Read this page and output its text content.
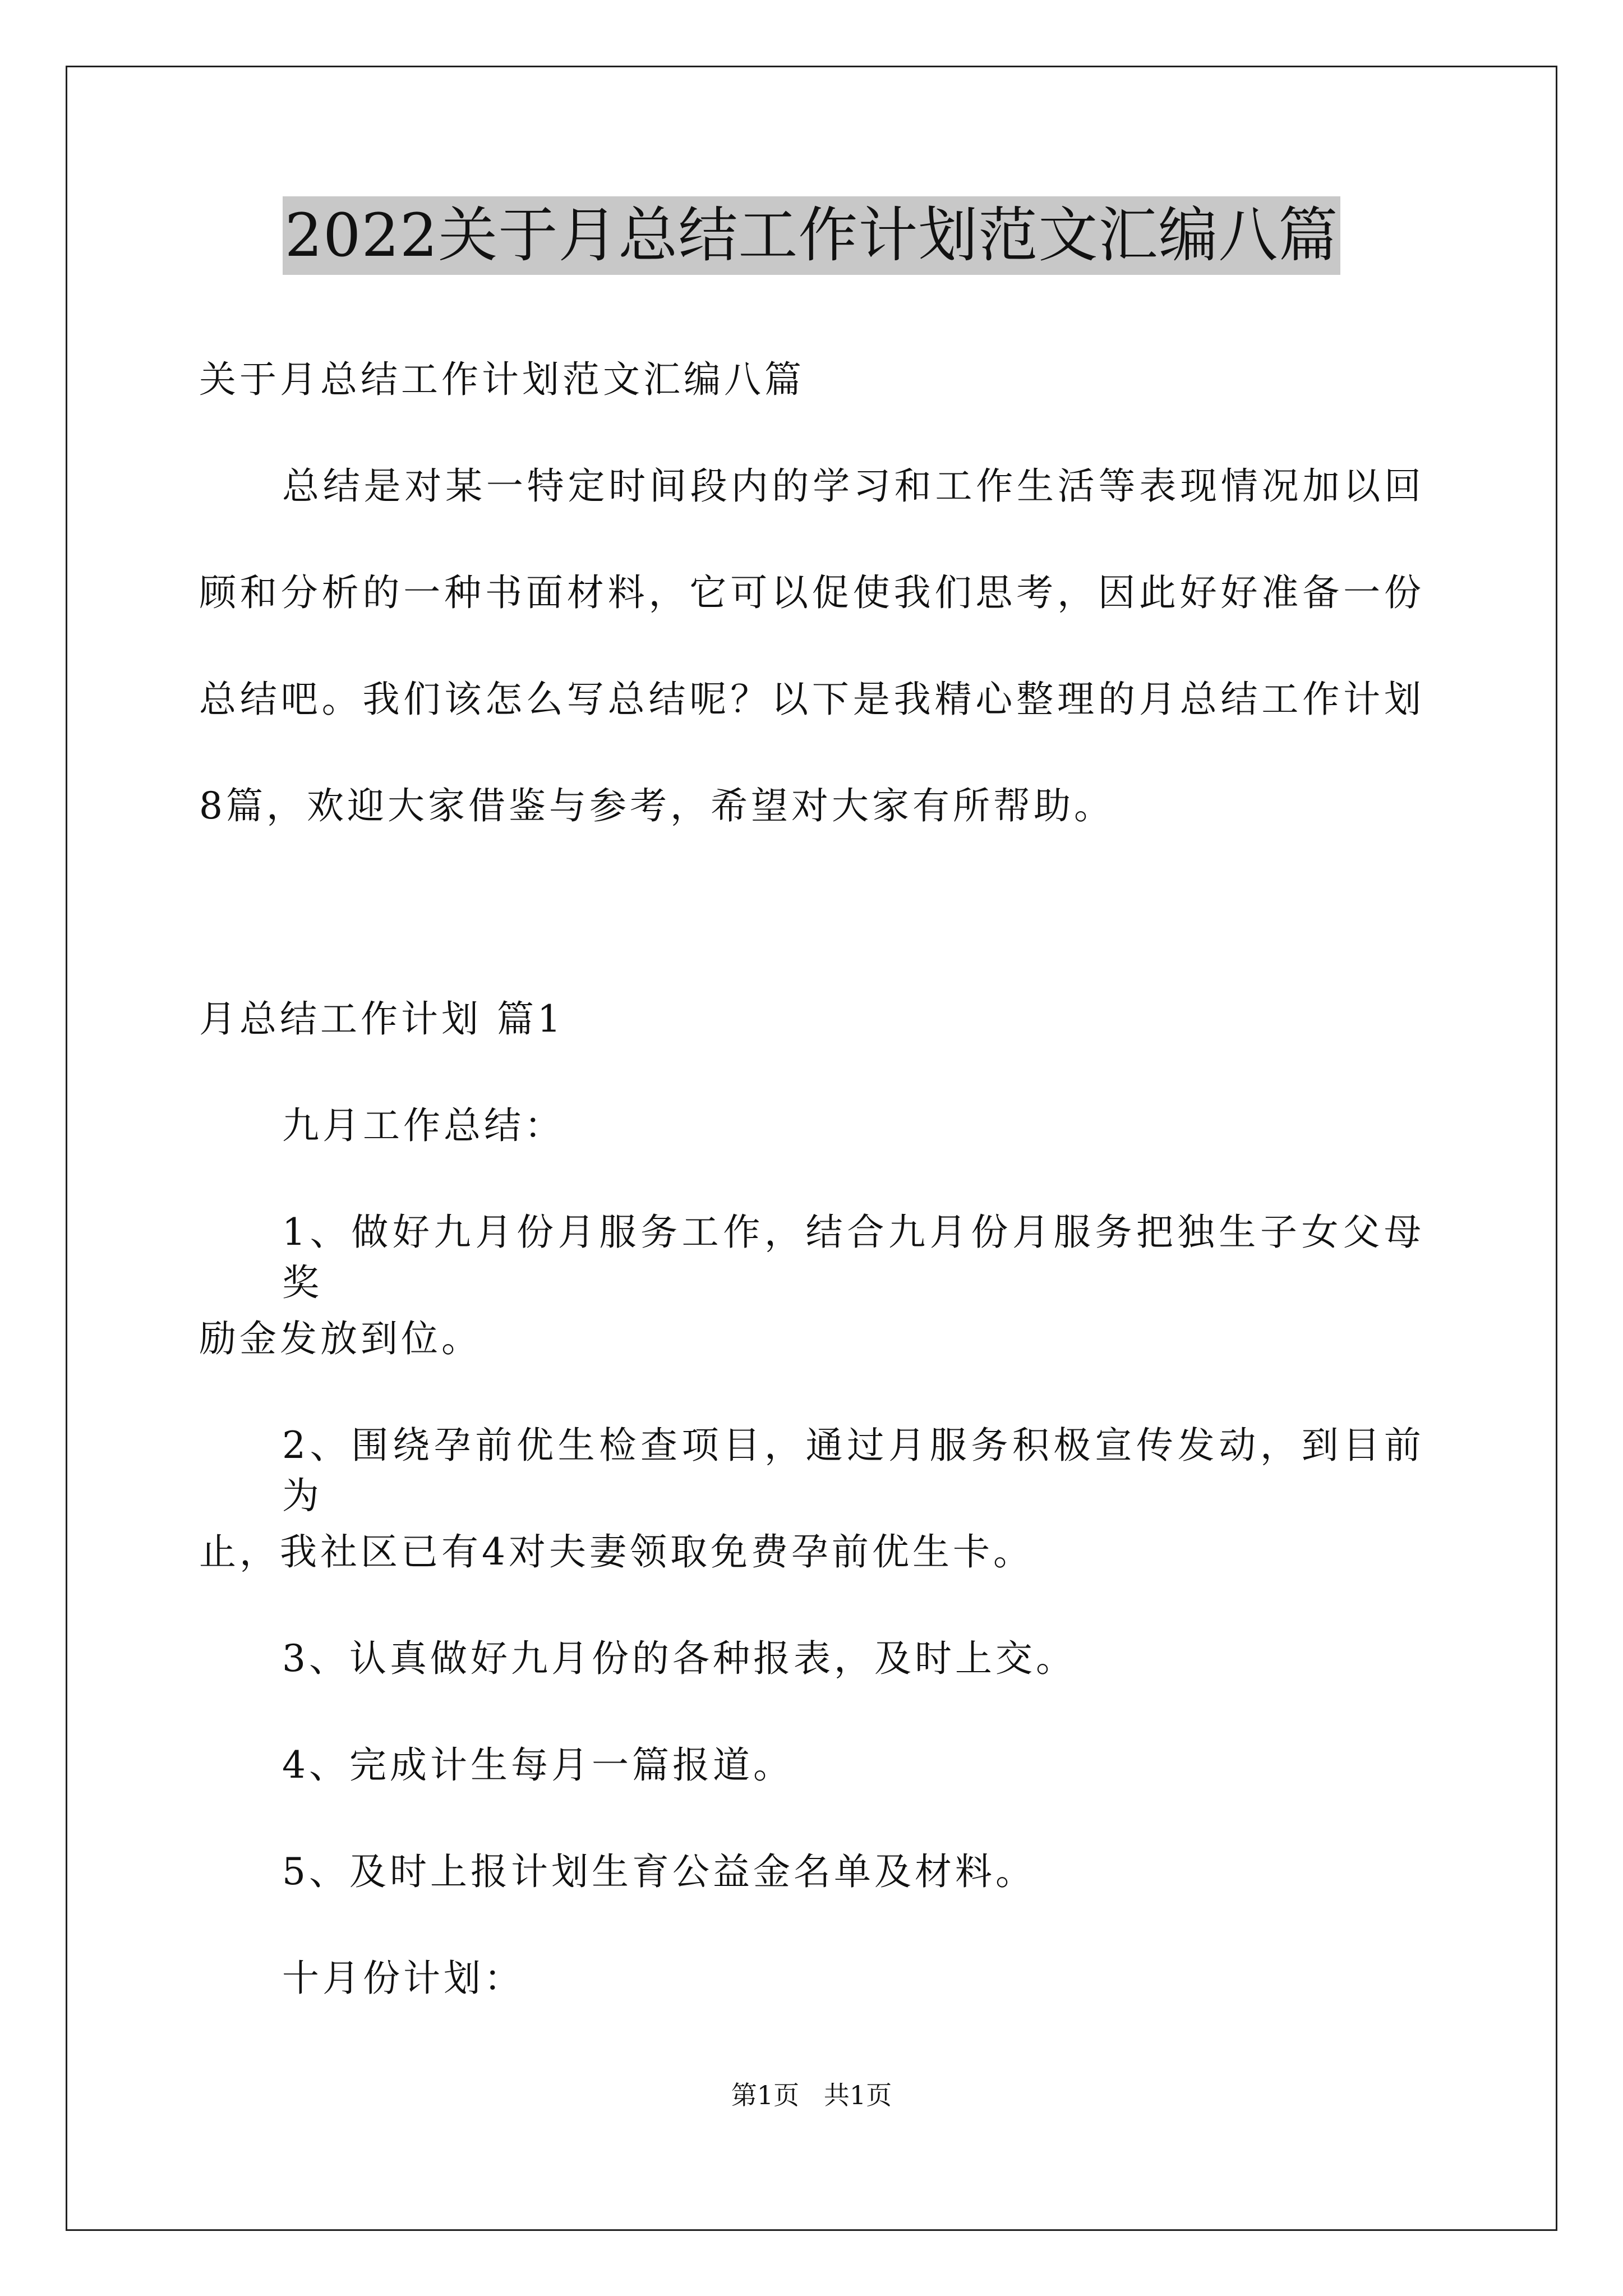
2022关于月总结工作计划范文汇编八篇
关于月总结工作计划范文汇编八篇
总结是对某一特定时间段内的学习和工作生活等表现情况加以回
顾和分析的一种书面材料，它可以促使我们思考，因此好好准备一份
总结吧。我们该怎么写总结呢？以下是我精心整理的月总结工作计划
8篇，欢迎大家借鉴与参考，希望对大家有所帮助。
月总结工作计划 篇1
九月工作总结：
1、做好九月份月服务工作，结合九月份月服务把独生子女父母奖
励金发放到位。
2、围绕孕前优生检查项目，通过月服务积极宣传发动，到目前为
止，我社区已有4对夫妻领取免费孕前优生卡。
3、认真做好九月份的各种报表，及时上交。
4、完成计生每月一篇报道。
5、及时上报计划生育公益金名单及材料。
十月份计划：
第1页   共1页
